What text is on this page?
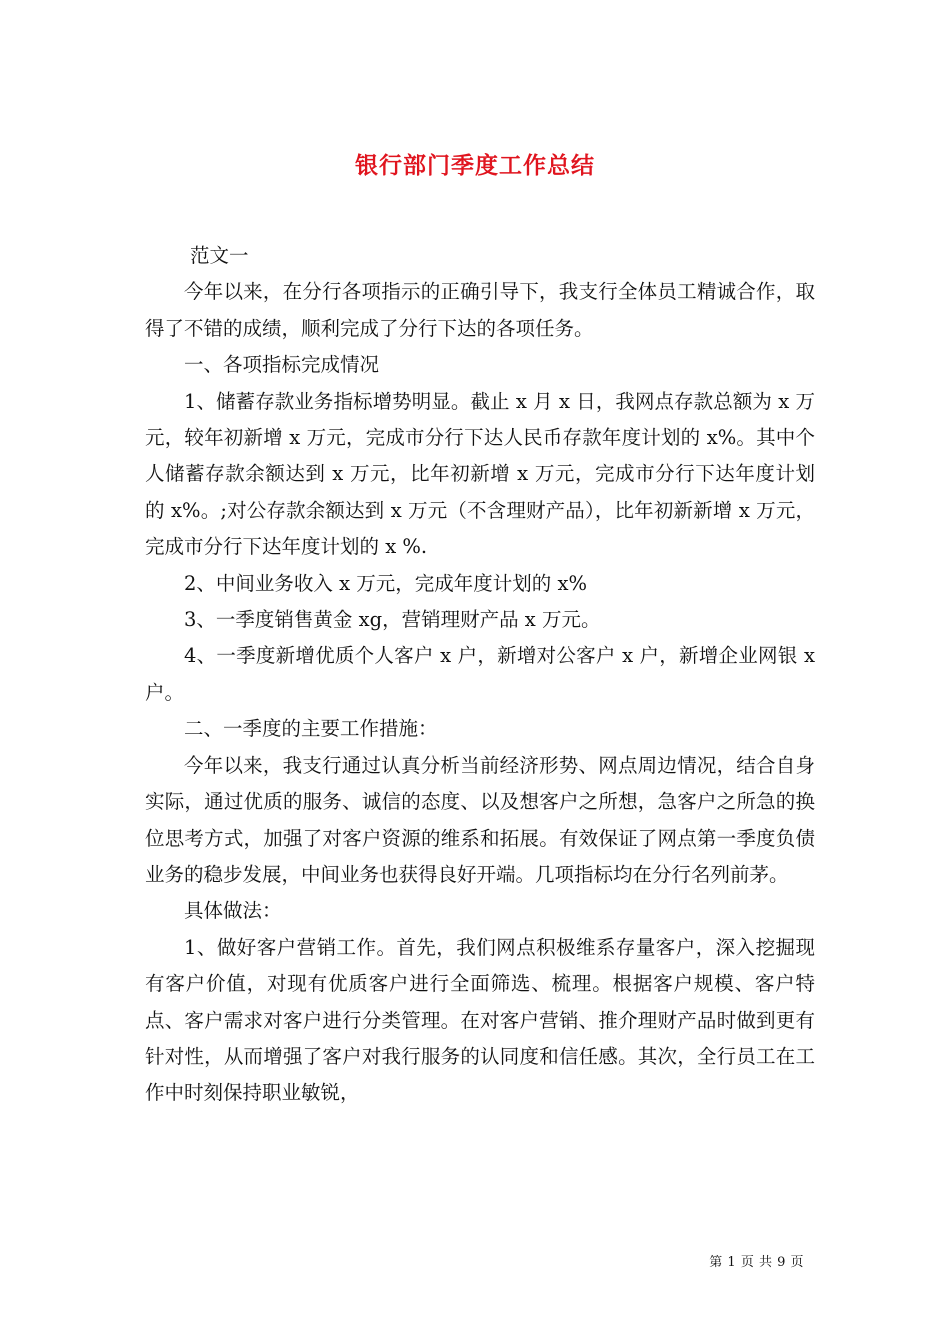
银行部门季度工作总结

范文一

今年以来，在分行各项指示的正确引导下，我支行全体员工精诚合作，取得了不错的成绩，顺利完成了分行下达的各项任务。

一、各项指标完成情况

1、储蓄存款业务指标增势明显。截止 x 月 x 日，我网点存款总额为 x 万元，较年初新增 x 万元，完成市分行下达人民币存款年度计划的 x%。其中个人储蓄存款余额达到 x 万元，比年初新增 x 万元，完成市分行下达年度计划的 x%。;对公存款余额达到 x 万元（不含理财产品），比年初新新增 x 万元，完成市分行下达年度计划的 x %.

2、中间业务收入 x 万元，完成年度计划的 x%

3、一季度销售黄金 xg，营销理财产品 x 万元。

4、一季度新增优质个人客户 x 户，新增对公客户 x 户，新增企业网银 x 户。

二、一季度的主要工作措施：

今年以来，我支行通过认真分析当前经济形势、网点周边情况，结合自身实际，通过优质的服务、诚信的态度、以及想客户之所想，急客户之所急的换位思考方式，加强了对客户资源的维系和拓展。有效保证了网点第一季度负债业务的稳步发展，中间业务也获得良好开端。几项指标均在分行名列前茅。

具体做法：

1、做好客户营销工作。首先，我们网点积极维系存量客户，深入挖掘现有客户价值，对现有优质客户进行全面筛选、梳理。根据客户规模、客户特点、客户需求对客户进行分类管理。在对客户营销、推介理财产品时做到更有针对性，从而增强了客户对我行服务的认同度和信任感。其次，全行员工在工作中时刻保持职业敏锐，

第 1 页 共 9 页
